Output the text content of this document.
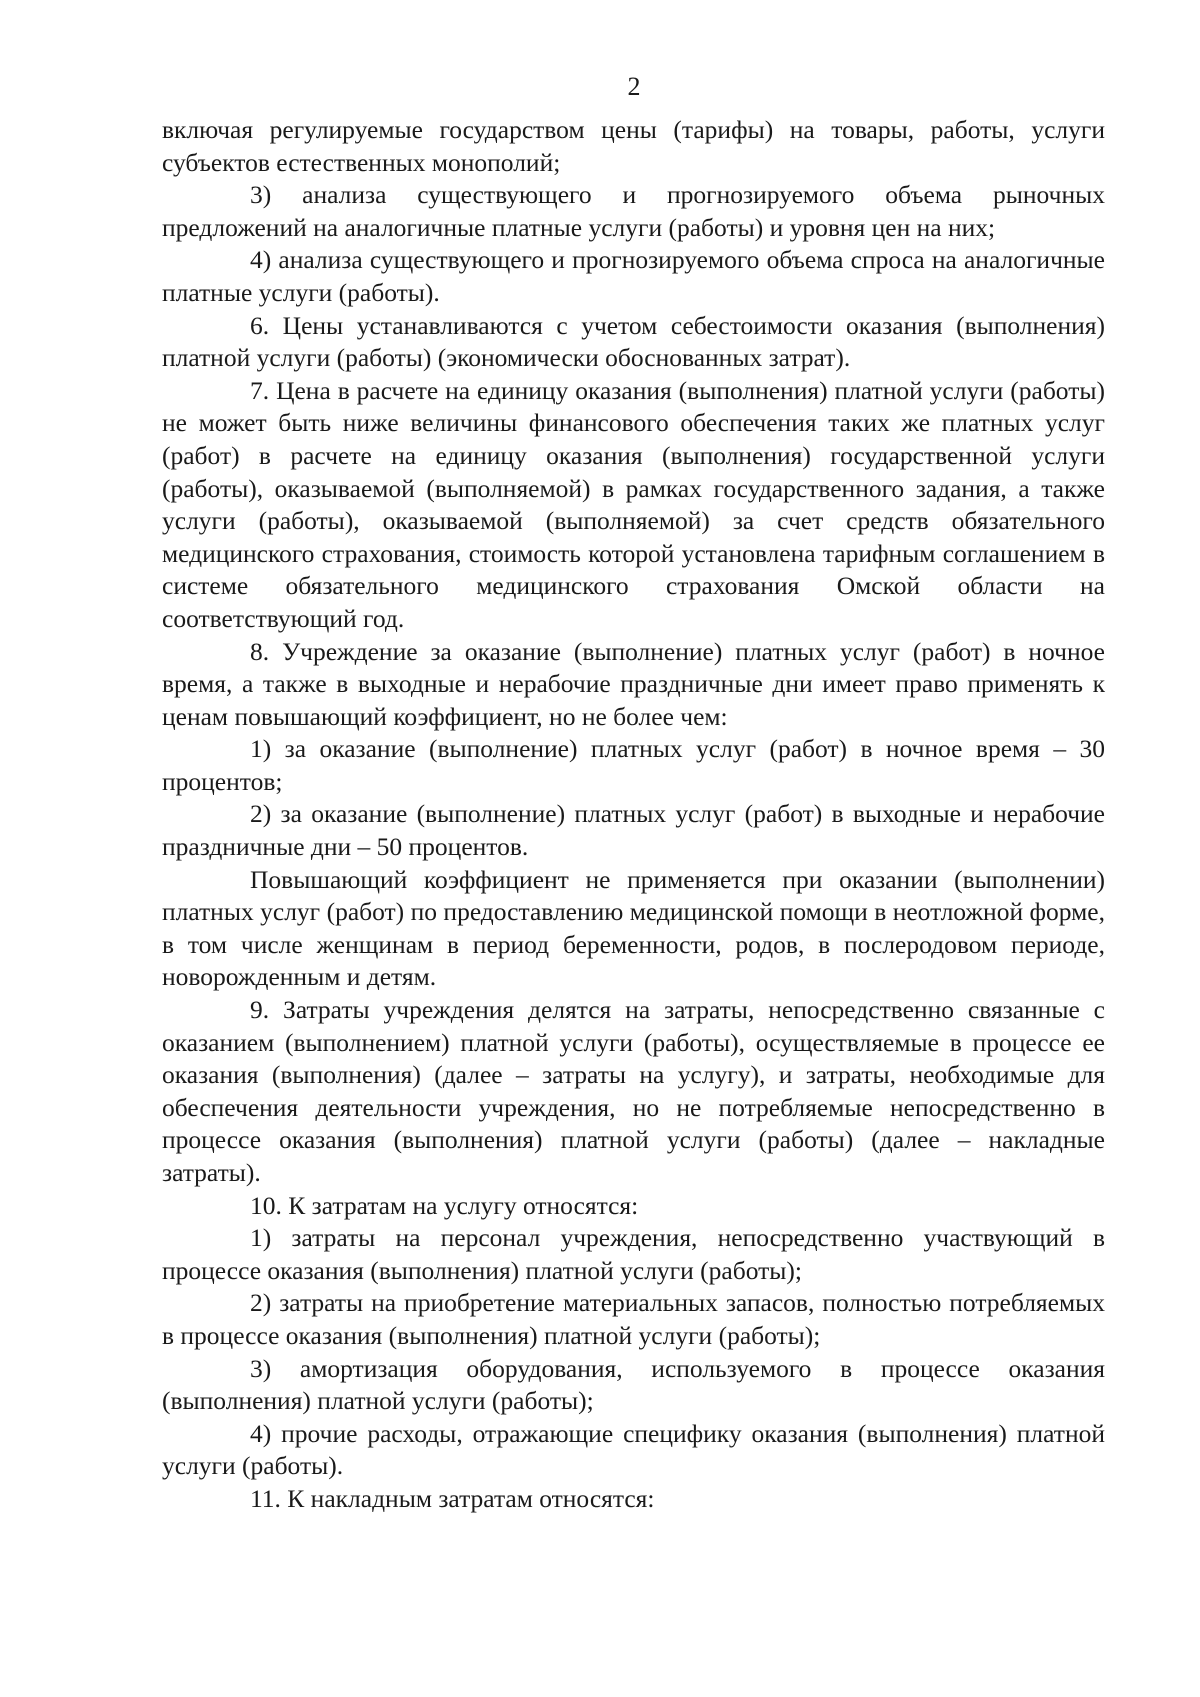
2

включая регулируемые государством цены (тарифы) на товары, работы, услуги субъектов естественных монополий;

3) анализа существующего и прогнозируемого объема рыночных предложений на аналогичные платные услуги (работы) и уровня цен на них;

4) анализа существующего и прогнозируемого объема спроса на аналогичные платные услуги (работы).

6. Цены устанавливаются с учетом себестоимости оказания (выполнения) платной услуги (работы) (экономически обоснованных затрат).

7. Цена в расчете на единицу оказания (выполнения) платной услуги (работы) не может быть ниже величины финансового обеспечения таких же платных услуг (работ) в расчете на единицу оказания (выполнения) государственной услуги (работы), оказываемой (выполняемой) в рамках государственного задания, а также услуги (работы), оказываемой (выполняемой) за счет средств обязательного медицинского страхования, стоимость которой установлена тарифным соглашением в системе обязательного медицинского страхования Омской области на соответствующий год.

8. Учреждение за оказание (выполнение) платных услуг (работ) в ночное время, а также в выходные и нерабочие праздничные дни имеет право применять к ценам повышающий коэффициент, но не более чем:

1) за оказание (выполнение) платных услуг (работ) в ночное время – 30 процентов;

2) за оказание (выполнение) платных услуг (работ) в выходные и нерабочие праздничные дни – 50 процентов.

Повышающий коэффициент не применяется при оказании (выполнении) платных услуг (работ) по предоставлению медицинской помощи в неотложной форме, в том числе женщинам в период беременности, родов, в послеродовом периоде, новорожденным и детям.

9. Затраты учреждения делятся на затраты, непосредственно связанные с оказанием (выполнением) платной услуги (работы), осуществляемые в процессе ее оказания (выполнения) (далее – затраты на услугу), и затраты, необходимые для обеспечения деятельности учреждения, но не потребляемые непосредственно в процессе оказания (выполнения) платной услуги (работы) (далее – накладные затраты).

10. К затратам на услугу относятся:

1) затраты на персонал учреждения, непосредственно участвующий в процессе оказания (выполнения) платной услуги (работы);

2) затраты на приобретение материальных запасов, полностью потребляемых в процессе оказания (выполнения) платной услуги (работы);

3) амортизация оборудования, используемого в процессе оказания (выполнения) платной услуги (работы);

4) прочие расходы, отражающие специфику оказания (выполнения) платной услуги (работы).

11. К накладным затратам относятся:
